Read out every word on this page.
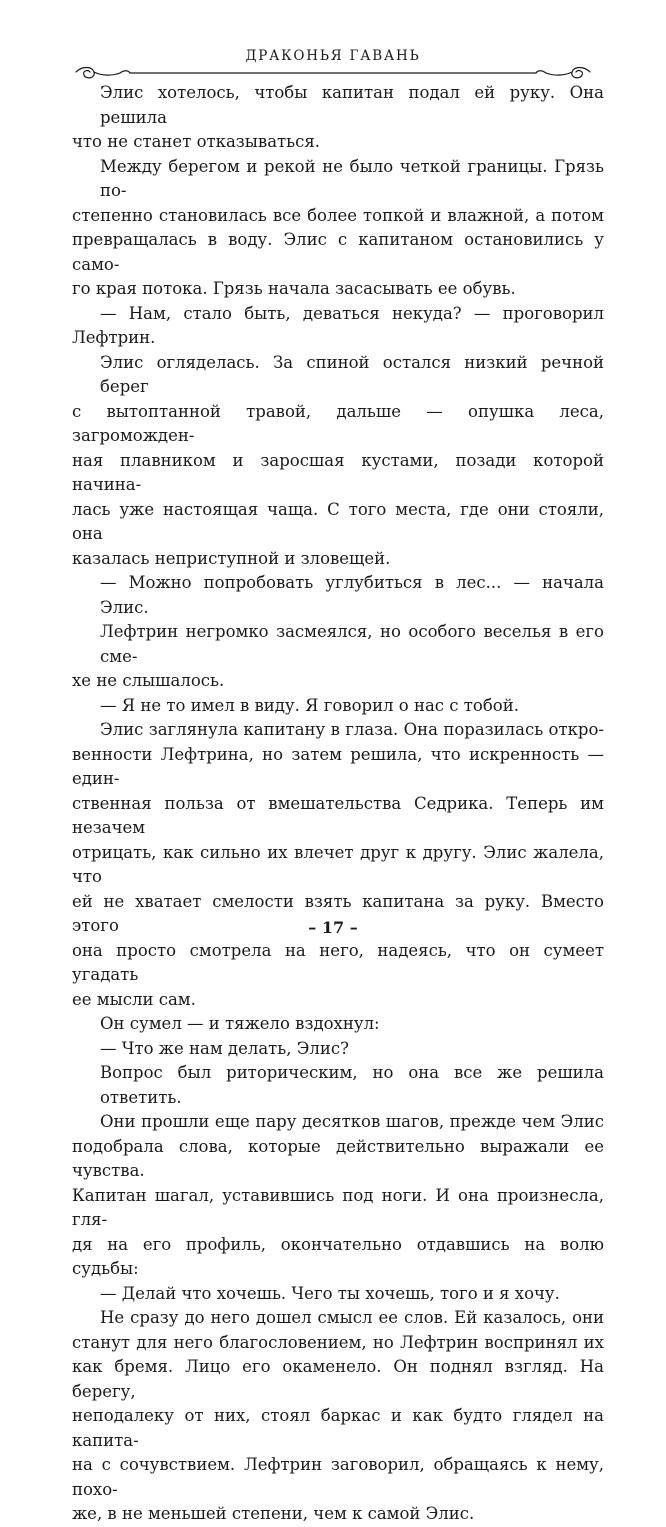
ДРАКОНЬЯ ГАВАНЬ

Элис хотелось, чтобы капитан подал ей руку. Она решила

что не станет отказываться.

Между берегом и рекой не было четкой границы. Грязь по-

степенно становилась все более топкой и влажной, а потом

превращалась в воду. Элис с капитаном остановились у само-

го края потока. Грязь начала засасывать ее обувь.

— Нам, стало быть, деваться некуда? — проговорил

Лефтрин.

Элис огляделась. За спиной остался низкий речной берег

с вытоптанной травой, дальше — опушка леса, загроможден-

ная плавником и заросшая кустами, позади которой начина-

лась уже настоящая чаща. С того места, где они стояли, она

казалась неприступной и зловещей.

— Можно попробовать углубиться в лес... — начала Элис.

Лефтрин негромко засмеялся, но особого веселья в его сме-

хе не слышалось.

— Я не то имел в виду. Я говорил о нас с тобой.

Элис заглянула капитану в глаза. Она поразилась откро-

венности Лефтрина, но затем решила, что искренность — един-

ственная польза от вмешательства Седрика. Теперь им незачем

отрицать, как сильно их влечет друг к другу. Элис жалела, что

ей не хватает смелости взять капитана за руку. Вместо этого

она просто смотрела на него, надеясь, что он сумеет угадать

ее мысли сам.

Он сумел — и тяжело вздохнул:

— Что же нам делать, Элис?

Вопрос был риторическим, но она все же решила ответить.

Они прошли еще пару десятков шагов, прежде чем Элис

подобрала слова, которые действительно выражали ее чувства.

Капитан шагал, уставившись под ноги. И она произнесла, гля-

дя на его профиль, окончательно отдавшись на волю судьбы:

— Делай что хочешь. Чего ты хочешь, того и я хочу.

Не сразу до него дошел смысл ее слов. Ей казалось, они

станут для него благословением, но Лефтрин воспринял их

как бремя. Лицо его окаменело. Он поднял взгляд. На берегу,

неподалеку от них, стоял баркас и как будто глядел на капита-

на с сочувствием. Лефтрин заговорил, обращаясь к нему, похо-

же, в не меньшей степени, чем к самой Элис.

– 17 –
